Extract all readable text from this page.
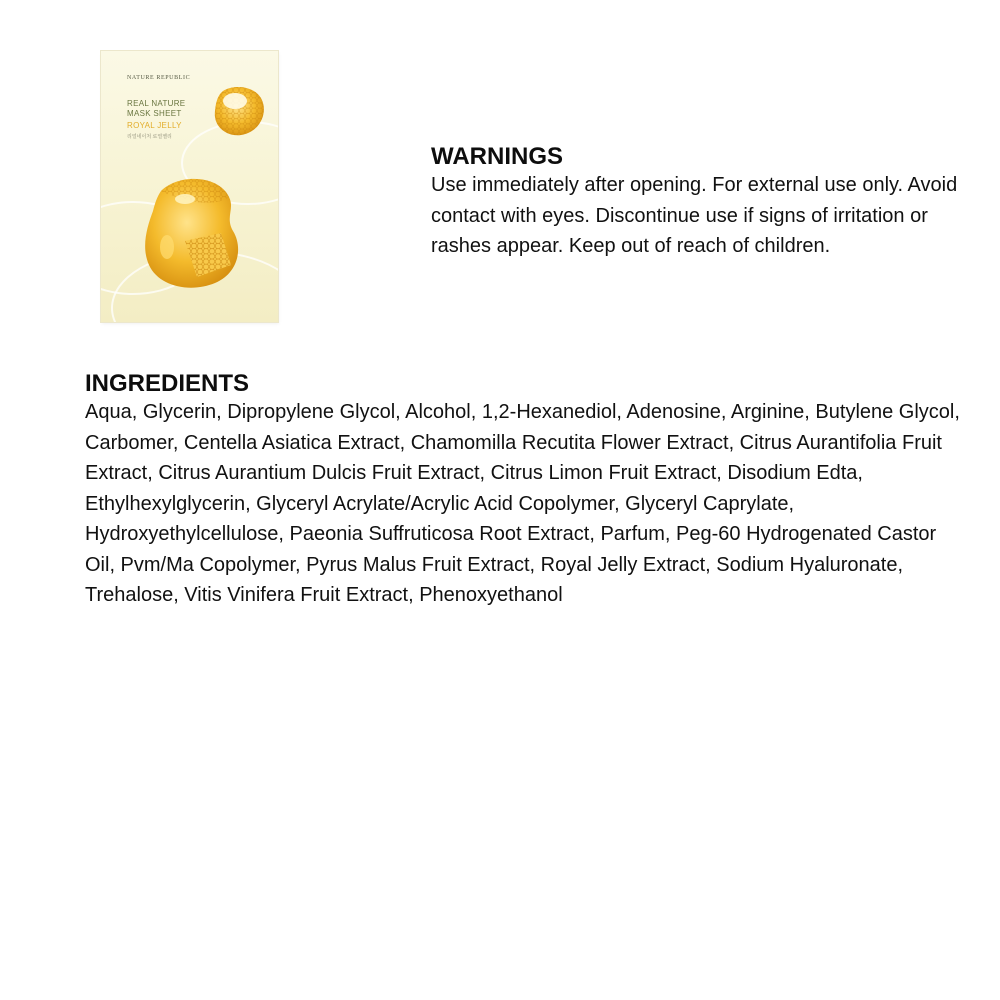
NATURE REPUBLIC
REAL NATURE
MASK SHEET
ROYAL JELLY
리얼네이처 로열젤리
WARNINGS

Use immediately after opening. For external use only. Avoid contact with eyes. Discontinue use if signs of irritation or rashes appear. Keep out of reach of children.

INGREDIENTS

Aqua, Glycerin, Dipropylene Glycol, Alcohol, 1,2-Hexanediol, Adenosine, Arginine, Butylene Glycol, Carbomer, Centella Asiatica Extract, Chamomilla Recutita Flower Extract, Citrus Aurantifolia Fruit Extract, Citrus Aurantium Dulcis Fruit Extract, Citrus Limon Fruit Extract, Disodium Edta, Ethylhexylglycerin, Glyceryl Acrylate/Acrylic Acid Copolymer, Glyceryl Caprylate, Hydroxyethylcellulose, Paeonia Suffruticosa Root Extract, Parfum, Peg-60 Hydrogenated Castor Oil, Pvm/Ma Copolymer, Pyrus Malus Fruit Extract, Royal Jelly Extract, Sodium Hyaluronate, Trehalose, Vitis Vinifera Fruit Extract, Phenoxyethanol
